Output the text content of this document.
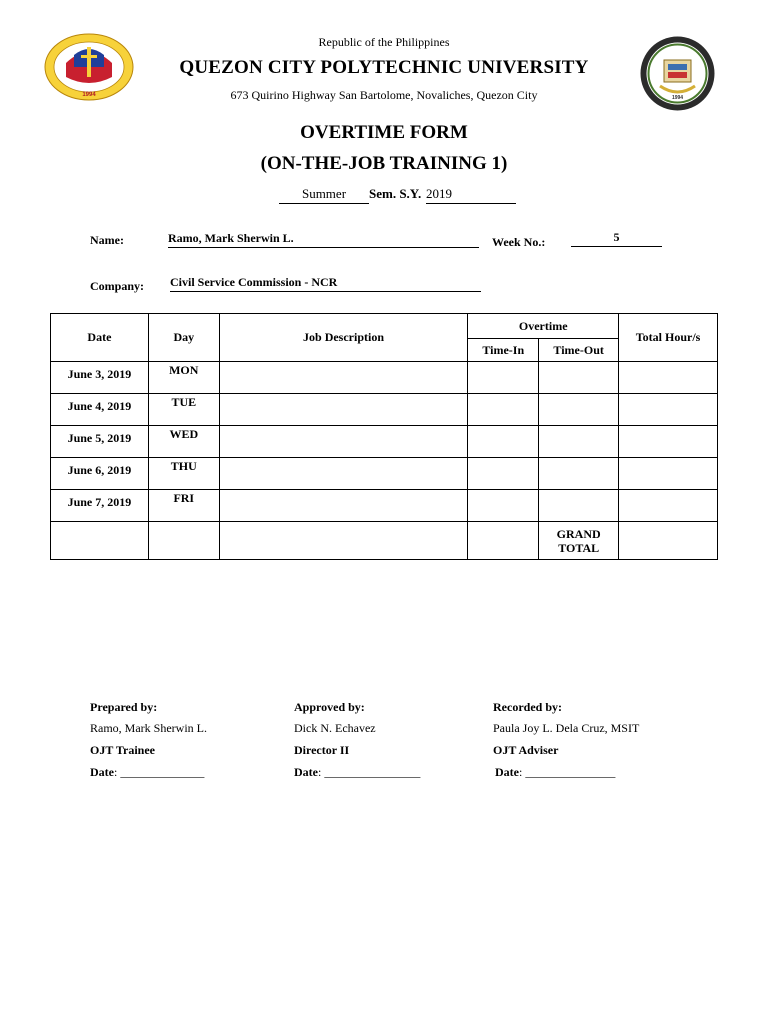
Republic of the Philippines
QUEZON CITY POLYTECHNIC UNIVERSITY
673 Quirino Highway San Bartolome, Novaliches, Quezon City
1994	1994
OVERTIME FORM
(ON-THE-JOB TRAINING 1)
Summer	Sem. S.Y. 2019
Name:	Ramo, Mark Sherwin L.	Week No.:	5
Company: Civil Service Commission - NCR
Date	Day	Job Description	Overtime		Total Hour/s
			Time-In	Time-Out	
June 3, 2019	MON				
June 4, 2019	TUE				
June 5, 2019	WED				
June 6, 2019	THU				
June 7, 2019	FRI				

				GRAND
TOTAL	

Prepared by:
Ramo, Mark Sherwin L.
OJT Trainee
Date: ______________
Approved by:
Dick N. Echavez
Director II
Date: ________________
Recorded by:
Paula Joy L. Dela Cruz, MSIT
OJT Adviser
Date: _______________
